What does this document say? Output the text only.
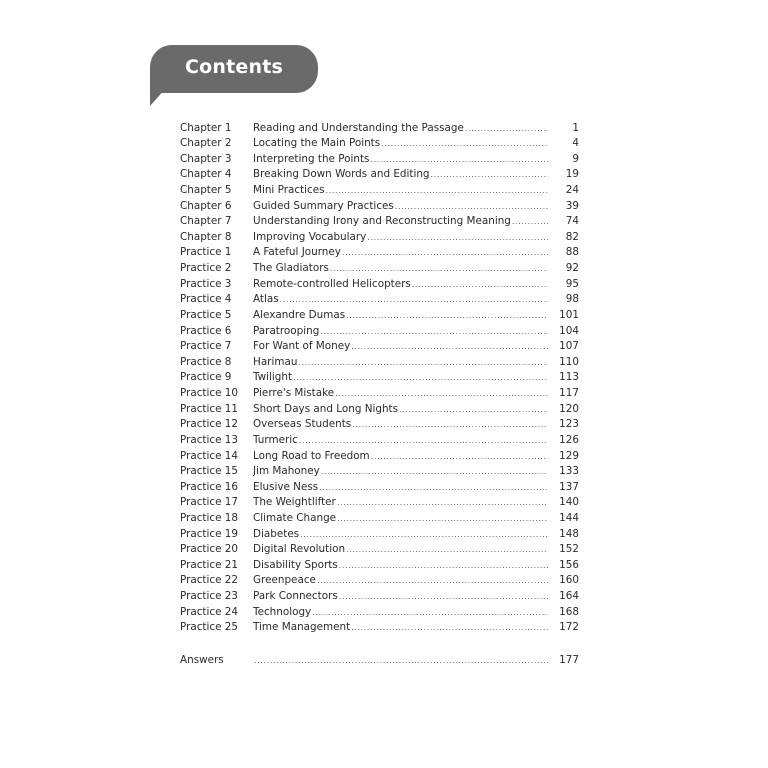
Contents
Chapter 1 Reading and Understanding the Passage .....	1
Chapter 2 Locating the Main Points .....	4
Chapter 3 Interpreting the Points .....	9
Chapter 4 Breaking Down Words and Editing .....	19
Chapter 5 Mini Practices .....	24
Chapter 6 Guided Summary Practices .....	39
Chapter 7 Understanding Irony and Reconstructing Meaning .....	74
Chapter 8 Improving Vocabulary .....	82
Practice 1 A Fateful Journey .....	88
Practice 2 The Gladiators .....	92
Practice 3 Remote-controlled Helicopters .....	95
Practice 4 Atlas .....	98
Practice 5 Alexandre Dumas .....	101
Practice 6 Paratrooping .....	104
Practice 7 For Want of Money .....	107
Practice 8 Harimau .....	110
Practice 9 Twilight .....	113
Practice 10 Pierre's Mistake .....	117
Practice 11 Short Days and Long Nights .....	120
Practice 12 Overseas Students .....	123
Practice 13 Turmeric .....	126
Practice 14 Long Road to Freedom .....	129
Practice 15 Jim Mahoney .....	133
Practice 16 Elusive Ness .....	137
Practice 17 The Weightlifter .....	140
Practice 18 Climate Change .....	144
Practice 19 Diabetes .....	148
Practice 20 Digital Revolution .....	152
Practice 21 Disability Sports .....	156
Practice 22 Greenpeace .....	160
Practice 23 Park Connectors .....	164
Practice 24 Technology .....	168
Practice 25 Time Management .....	172
Answers .....	177
